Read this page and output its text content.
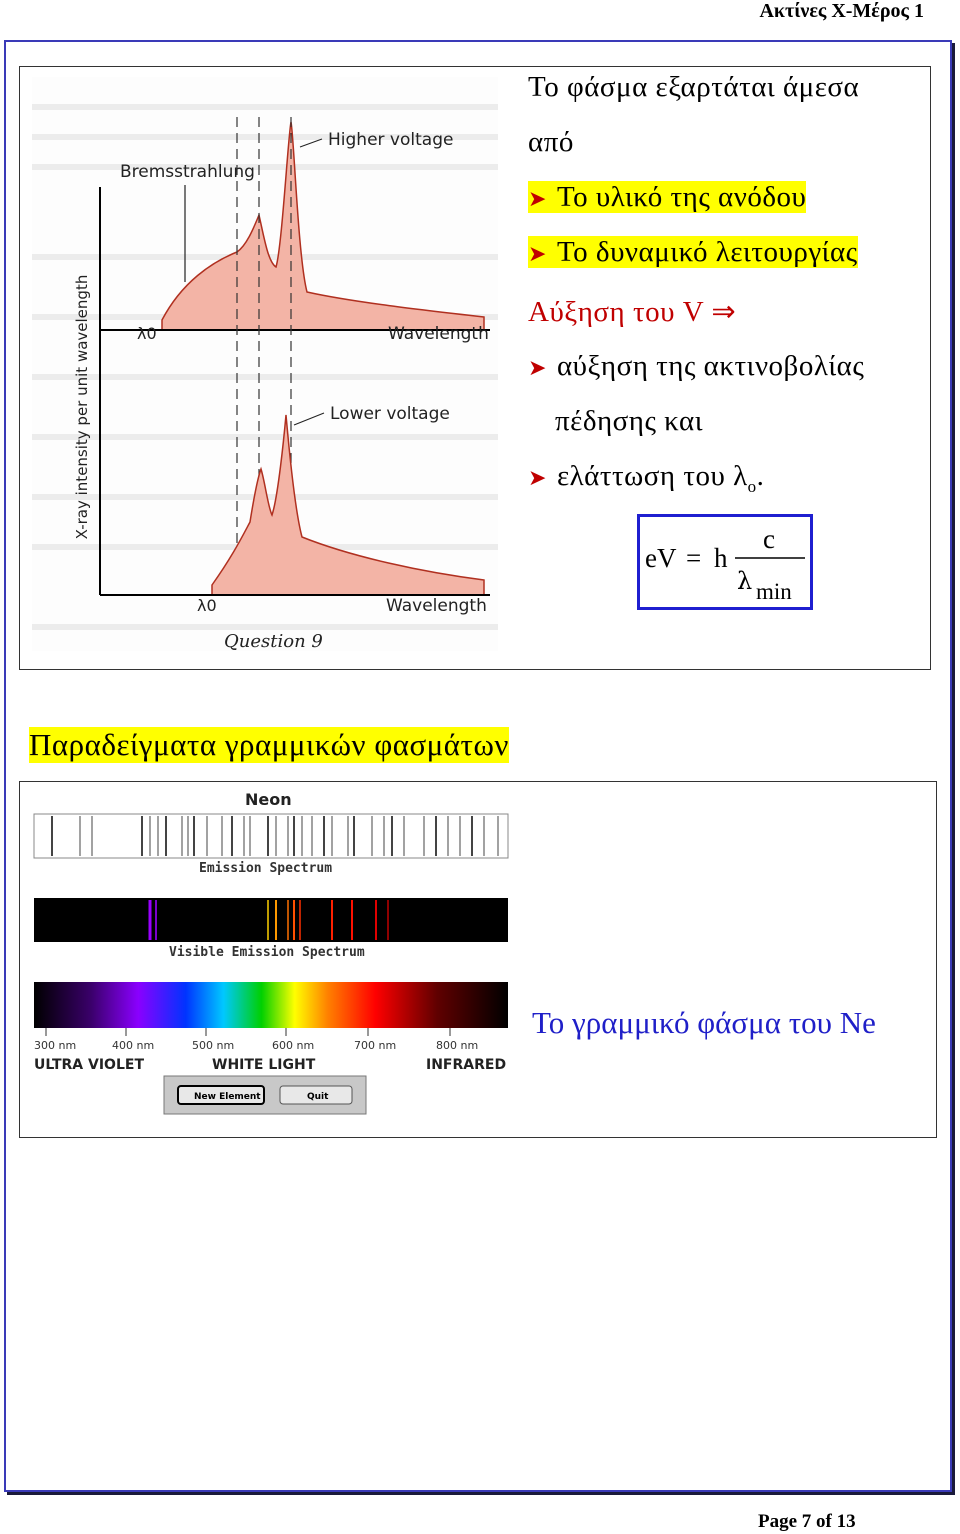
Ακτίνες Χ-Μέρος 1
X-ray intensity per unit wavelength
Bremsstrahlung
Higher voltage
λ0	Wavelength
Lower voltage
λ0	Wavelength
Question 9
Το φάσμα εξαρτάται άμεσα
από
➤ Το υλικό της ανόδου
➤ Το δυναμικό λειτουργίας
Αύξηση του V ⇒
➤ αύξηση της ακτινοβολίας
πέδησης και
➤ ελάττωση του $\lambda_o$.
eV = h
c
λ min
Παραδείγματα γραμμικών φασμάτων
Neon
Emission Spectrum
Visible Emission Spectrum
300 nm	400 nm	500 nm	600 nm	700 nm	800 nm
ULTRA VIOLET	WHITE LIGHT	INFRARED
New Element	Quit
Το γραμμικό φάσμα του Ne
Page 7 of 13
